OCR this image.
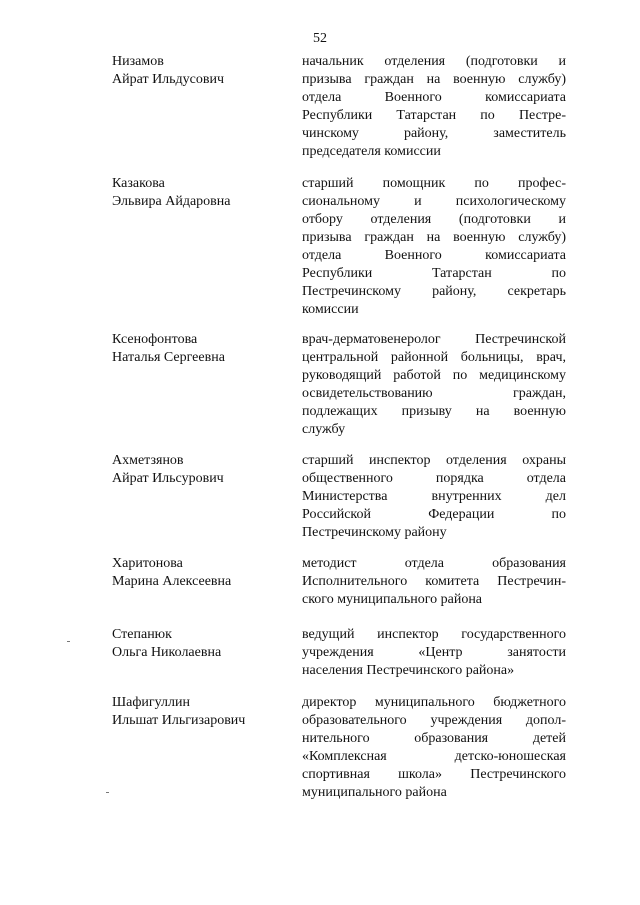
52
Низамов
Айрат Ильдусович
начальник отделения (подготовки и
призыва граждан на военную службу)
отдела Военного комиссариата
Республики Татарстан по Пестре-
чинскому району, заместитель
председателя комиссии
Казакова
Эльвира Айдаровна
старший помощник по профес-
сиональному и психологическому
отбору отделения (подготовки и
призыва граждан на военную службу)
отдела Военного комиссариата
Республики Татарстан по
Пестречинскому району, секретарь
комиссии
Ксенофонтова
Наталья Сергеевна
врач-дерматовенеролог Пестречинской
центральной районной больницы, врач,
руководящий работой по медицинскому
освидетельствованию граждан,
подлежащих призыву на военную
службу
Ахметзянов
Айрат Ильсурович
старший инспектор отделения охраны
общественного порядка отдела
Министерства внутренних дел
Российской Федерации по
Пестречинскому району
Харитонова
Марина Алексеевна
методист отдела образования
Исполнительного комитета Пестречин-
ского муниципального района
Степанюк
Ольга Николаевна
ведущий инспектор государственного
учреждения «Центр занятости
населения Пестречинского района»
Шафигуллин
Ильшат Ильгизарович
директор муниципального бюджетного
образовательного учреждения допол-
нительного образования детей
«Комплексная детско-юношеская
спортивная школа» Пестречинского
муниципального района
